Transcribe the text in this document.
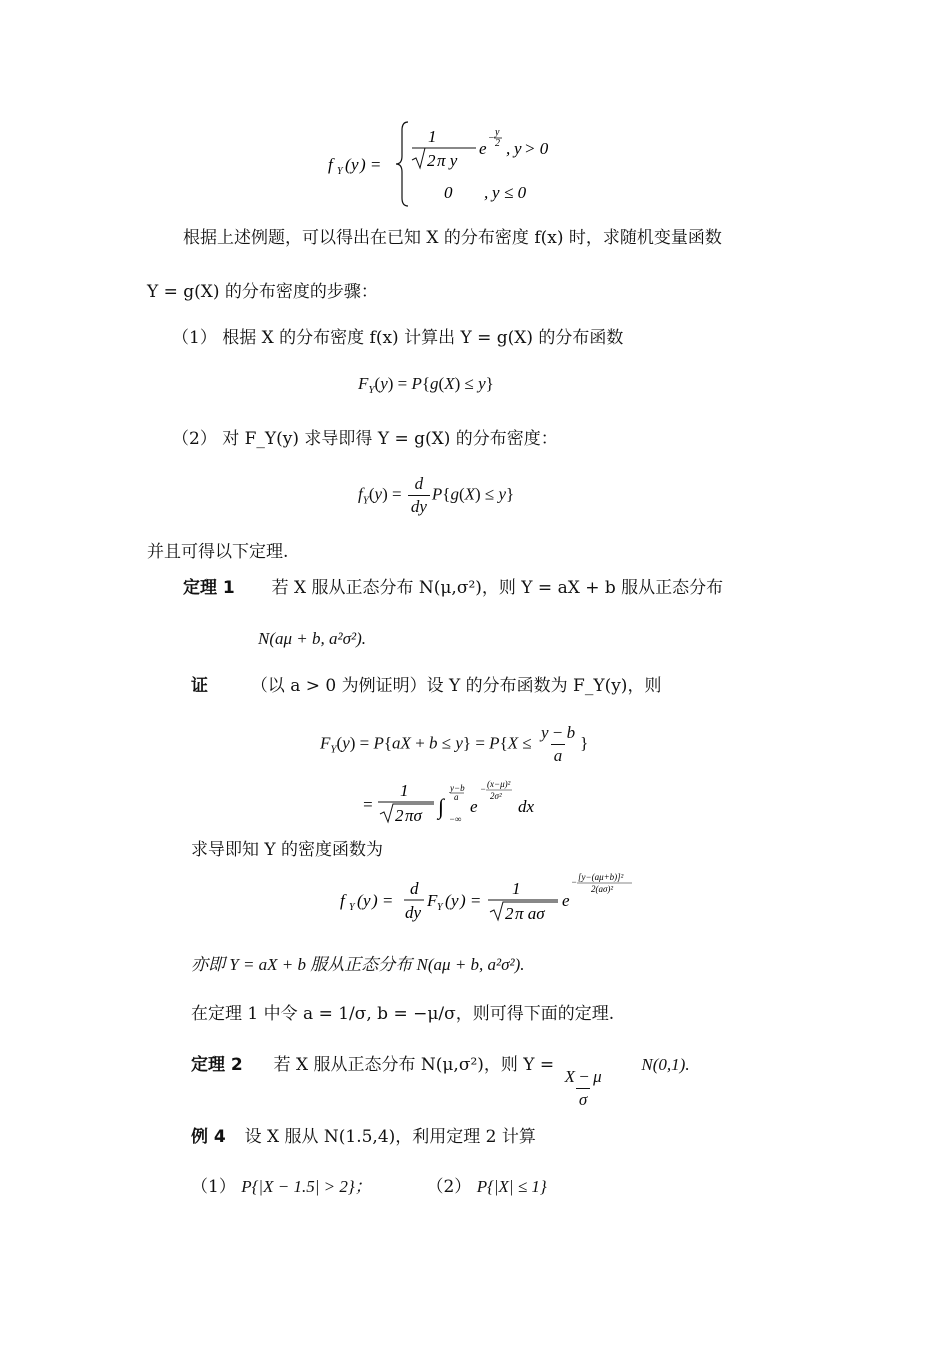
f Y ( y ) =
1
2 π y
e
−
y
2 , y > 0
0 , y ≤ 0
根据上述例题，可以得出在已知 X 的分布密度 f(x) 时，求随机变量函数
Y = g(X) 的分布密度的步骤：
（1） 根据 X 的分布密度 f(x) 计算出 Y = g(X) 的分布函数
$F_Y(y) = P\{g(X) \le y\}$
（2） 对 F_Y(y) 求导即得 Y = g(X) 的分布密度：
$f_Y(y) = \frac{d}{dy} P\{g(X) \le y\}$
并且可得以下定理.
定理 1 若 X 服从正态分布 N(μ,σ²)，则 Y = aX + b 服从正态分布
N(aμ + b, a²σ²).
证	（以 a > 0 为例证明）设 Y 的分布函数为 F_Y(y)，则
$F_Y(y) = P\{aX + b \le y\} = P\{X \le \frac{y - b}{a}$ }
=
1
2 πσ ∫
y−b
a
−∞
e
− (x−μ)²
2σ²
dx
求导即知 Y 的密度函数为
f Y ( y ) =
d
dy
F Y ( y ) =
1
2 π aσ
e
− [y−(aμ+b)]²
2(aσ)²
亦即 Y = aX + b 服从正态分布 N(aμ + b, a²σ²).
在定理 1 中令 a = 1/σ, b = −μ/σ，则可得下面的定理.
定理 2 若 X 服从正态分布 N(μ,σ²)，则 Y =
$\frac{X - \mu}{\sigma}$
N(0,1).
例 4 设 X 服从 N(1.5,4)，利用定理 2 计算
（1） P{|X − 1.5| > 2}；	（2） P{|X| ≤ 1}
